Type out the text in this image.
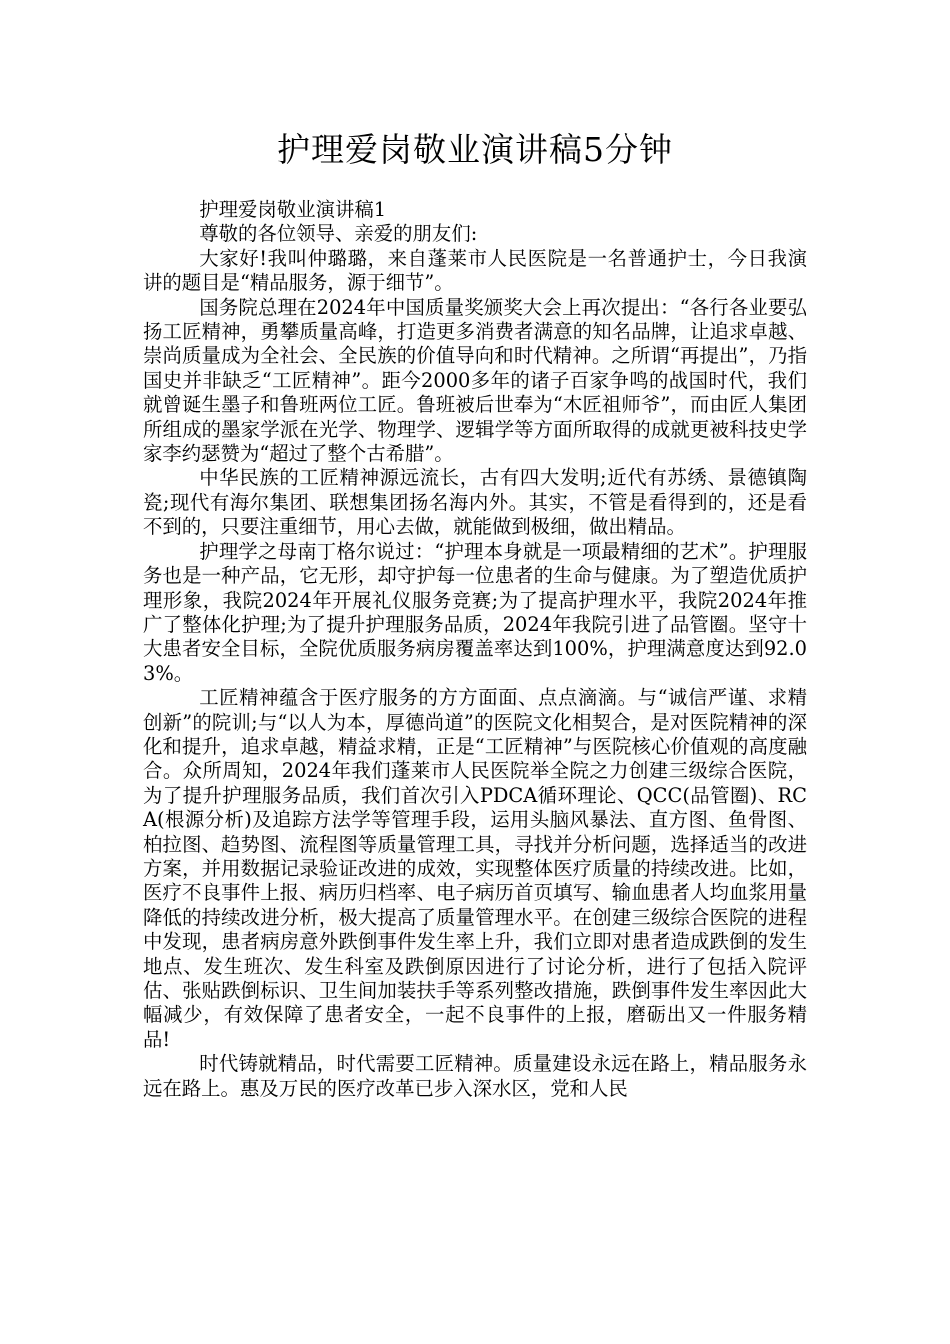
护理爱岗敬业演讲稿5分钟

护理爱岗敬业演讲稿1

尊敬的各位领导、亲爱的朋友们:

大家好!我叫仲璐璐，来自蓬莱市人民医院是一名普通护士，今日我演讲的题目是“精品服务，源于细节”。

国务院总理在2024年中国质量奖颁奖大会上再次提出：“各行各业要弘扬工匠精神，勇攀质量高峰，打造更多消费者满意的知名品牌，让追求卓越、崇尚质量成为全社会、全民族的价值导向和时代精神。之所谓“再提出”，乃指国史并非缺乏“工匠精神”。距今2000多年的诸子百家争鸣的战国时代，我们就曾诞生墨子和鲁班两位工匠。鲁班被后世奉为“木匠祖师爷”，而由匠人集团所组成的墨家学派在光学、物理学、逻辑学等方面所取得的成就更被科技史学家李约瑟赞为“超过了整个古希腊”。

中华民族的工匠精神源远流长，古有四大发明;近代有苏绣、景德镇陶瓷;现代有海尔集团、联想集团扬名海内外。其实，不管是看得到的，还是看不到的，只要注重细节，用心去做，就能做到极细，做出精品。

护理学之母南丁格尔说过：“护理本身就是一项最精细的艺术”。护理服务也是一种产品，它无形，却守护每一位患者的生命与健康。为了塑造优质护理形象，我院2024年开展礼仪服务竞赛;为了提高护理水平，我院2024年推广了整体化护理;为了提升护理服务品质，2024年我院引进了品管圈。坚守十大患者安全目标，全院优质服务病房覆盖率达到100%，护理满意度达到92.03%。

工匠精神蕴含于医疗服务的方方面面、点点滴滴。与“诚信严谨、求精创新”的院训;与“以人为本，厚德尚道”的医院文化相契合，是对医院精神的深化和提升，追求卓越，精益求精，正是“工匠精神”与医院核心价值观的高度融合。众所周知，2024年我们蓬莱市人民医院举全院之力创建三级综合医院，为了提升护理服务品质，我们首次引入PDCA循环理论、QCC(品管圈)、RCA(根源分析)及追踪方法学等管理手段，运用头脑风暴法、直方图、鱼骨图、柏拉图、趋势图、流程图等质量管理工具，寻找并分析问题，选择适当的改进方案，并用数据记录验证改进的成效，实现整体医疗质量的持续改进。比如，医疗不良事件上报、病历归档率、电子病历首页填写、输血患者人均血浆用量降低的持续改进分析，极大提高了质量管理水平。在创建三级综合医院的进程中发现，患者病房意外跌倒事件发生率上升，我们立即对患者造成跌倒的发生地点、发生班次、发生科室及跌倒原因进行了讨论分析，进行了包括入院评估、张贴跌倒标识、卫生间加装扶手等系列整改措施，跌倒事件发生率因此大幅减少，有效保障了患者安全，一起不良事件的上报，磨砺出又一件服务精品!

时代铸就精品，时代需要工匠精神。质量建设永远在路上，精品服务永远在路上。惠及万民的医疗改革已步入深水区，党和人民
